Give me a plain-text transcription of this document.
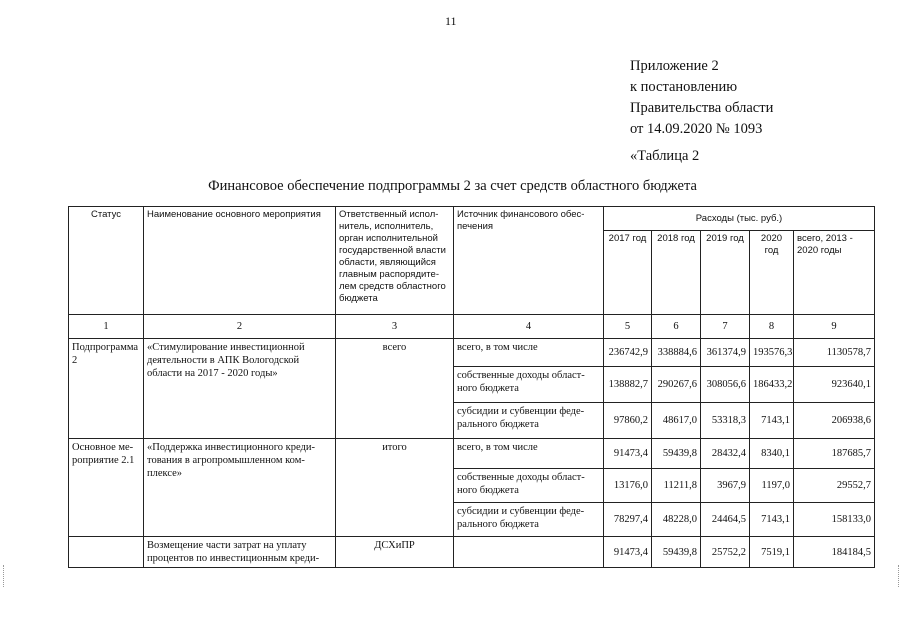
11
Приложение 2
к постановлению
Правительства области
от 14.09.2020 № 1093
«Таблица 2
Финансовое обеспечение подпрограммы 2 за счет средств областного бюджета
Статус	Наименование основного мероприятия	Ответственный испол-нитель, исполнитель, орган исполнительной государственной власти области, являющийся главным распорядите-лем средств областного бюджета	Источник финансового обес-печения	Расходы (тыс. руб.)				
				2017 год	2018 год	2019 год	2020 год	всего, 2013 - 2020 годы
1	2	3	4	5	6	7	8	9
Подпрограмма 2	«Стимулирование инвестиционной деятельности в АПК Вологодской области на 2017 - 2020 годы»	всего	всего, в том числе	236742,9	338884,6	361374,9	193576,3	1130578,7
			собственные доходы област-ного бюджета	138882,7	290267,6	308056,6	186433,2	923640,1
			субсидии и субвенции феде-рального бюджета	97860,2	48617,0	53318,3	7143,1	206938,6
Основное ме-роприятие 2.1	«Поддержка инвестиционного креди-тования в агропромышленном ком-плексе»	итого	всего, в том числе	91473,4	59439,8	28432,4	8340,1	187685,7
			собственные доходы област-ного бюджета	13176,0	11211,8	3967,9	1197,0	29552,7
			субсидии и субвенции феде-рального бюджета	78297,4	48228,0	24464,5	7143,1	158133,0
	Возмещение части затрат на уплату процентов по инвестиционным креди-	ДСХиПР		91473,4	59439,8	25752,2	7519,1	184184,5
